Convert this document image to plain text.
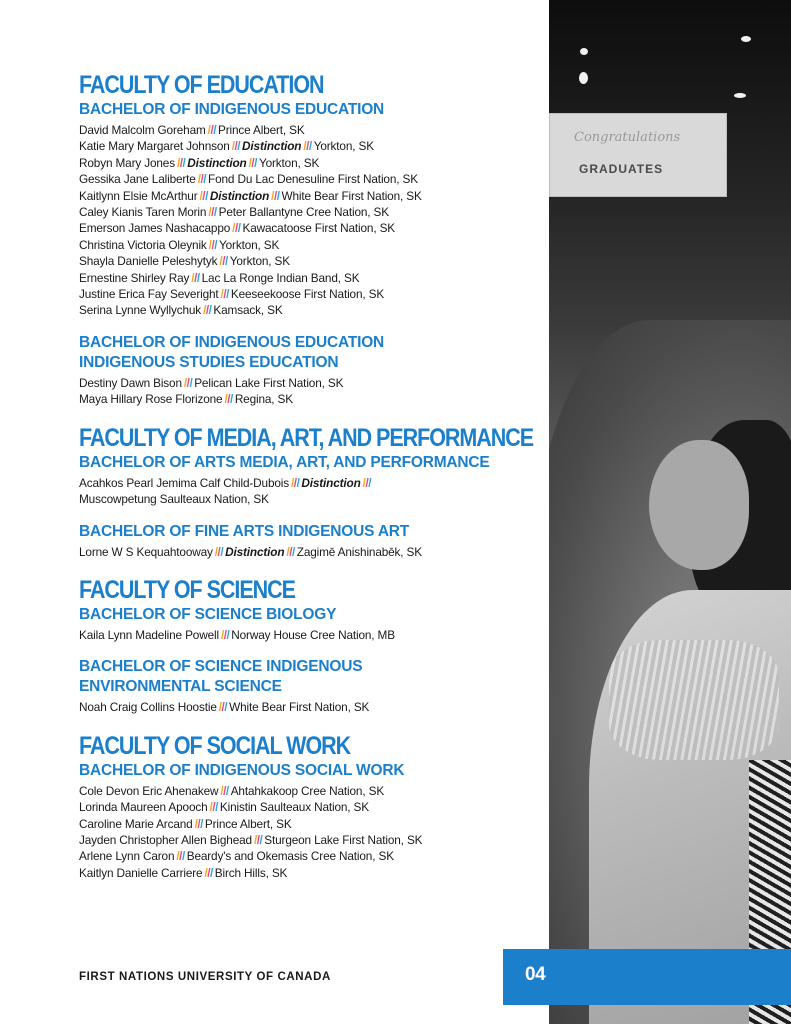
FACULTY OF EDUCATION
BACHELOR OF INDIGENOUS EDUCATION
David Malcolm Goreham /// Prince Albert, SK
Katie Mary Margaret Johnson /// Distinction /// Yorkton, SK
Robyn Mary Jones /// Distinction /// Yorkton, SK
Gessika Jane Laliberte /// Fond Du Lac Denesuline First Nation, SK
Kaitlynn Elsie McArthur /// Distinction /// White Bear First Nation, SK
Caley Kianis Taren Morin /// Peter Ballantyne Cree Nation, SK
Emerson James Nashacappo /// Kawacatoose First Nation, SK
Christina Victoria Oleynik /// Yorkton, SK
Shayla Danielle Peleshytyk /// Yorkton, SK
Ernestine Shirley Ray /// Lac La Ronge Indian Band, SK
Justine Erica Fay Severight /// Keeseekoose First Nation, SK
Serina Lynne Wyllychuk /// Kamsack, SK
BACHELOR OF INDIGENOUS EDUCATION
INDIGENOUS STUDIES EDUCATION
Destiny Dawn Bison /// Pelican Lake First Nation, SK
Maya Hillary Rose Florizone /// Regina, SK
FACULTY OF MEDIA, ART, AND PERFORMANCE
BACHELOR OF ARTS MEDIA, ART, AND PERFORMANCE
Acahkos Pearl Jemima Calf Child-Dubois /// Distinction ///
Muscowpetung Saulteaux Nation, SK
BACHELOR OF FINE ARTS INDIGENOUS ART
Lorne W S Kequahtooway /// Distinction /// Zagimē Anishinabēk, SK
FACULTY OF SCIENCE
BACHELOR OF SCIENCE BIOLOGY
Kaila Lynn Madeline Powell /// Norway House Cree Nation, MB
BACHELOR OF SCIENCE INDIGENOUS
ENVIRONMENTAL SCIENCE
Noah Craig Collins Hoostie /// White Bear First Nation, SK
FACULTY OF SOCIAL WORK
BACHELOR OF INDIGENOUS SOCIAL WORK
Cole Devon Eric Ahenakew /// Ahtahkakoop Cree Nation, SK
Lorinda Maureen Apooch /// Kinistin Saulteaux Nation, SK
Caroline Marie Arcand /// Prince Albert, SK
Jayden Christopher Allen Bighead /// Sturgeon Lake First Nation, SK
Arlene Lynn Caron /// Beardy's and Okemasis Cree Nation, SK
Kaitlyn Danielle Carriere /// Birch Hills, SK
Congratulations
GRADUATES
FIRST NATIONS UNIVERSITY OF CANADA	04
